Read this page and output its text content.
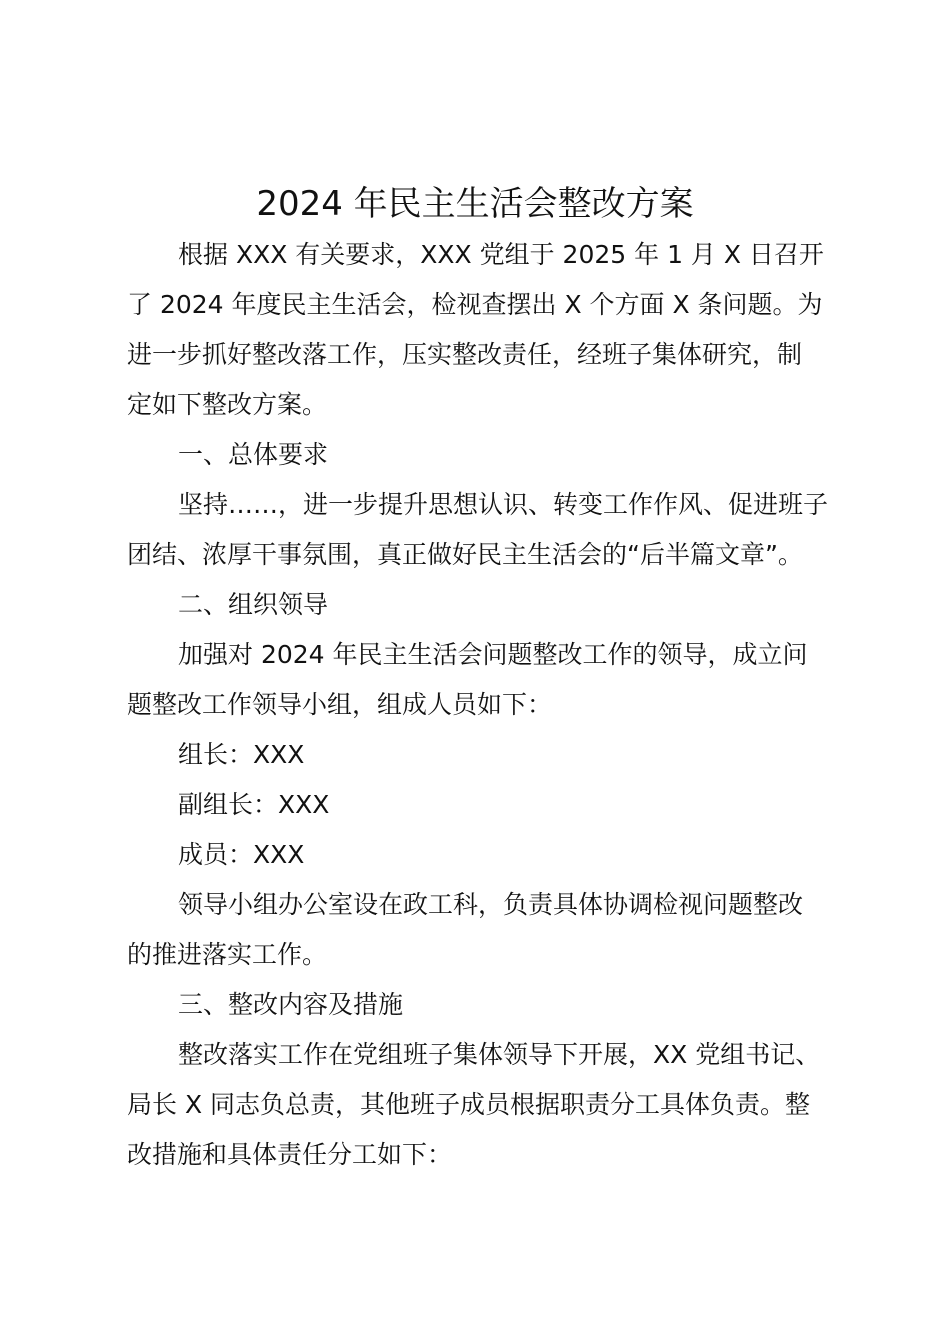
2024 年民主生活会整改方案
根据 XXX 有关要求，XXX 党组于 2025 年 1 月 X 日召开
了 2024 年度民主生活会，检视查摆出 X 个方面 X 条问题。为
进一步抓好整改落工作，压实整改责任，经班子集体研究，制
定如下整改方案。
一、总体要求
坚持……，进一步提升思想认识、转变工作作风、促进班子
团结、浓厚干事氛围，真正做好民主生活会的“后半篇文章”。
二、组织领导
加强对 2024 年民主生活会问题整改工作的领导，成立问
题整改工作领导小组，组成人员如下：
组长：XXX
副组长：XXX
成员：XXX
领导小组办公室设在政工科，负责具体协调检视问题整改
的推进落实工作。
三、整改内容及措施
整改落实工作在党组班子集体领导下开展，XX 党组书记、
局长 X 同志负总责，其他班子成员根据职责分工具体负责。整
改措施和具体责任分工如下：
